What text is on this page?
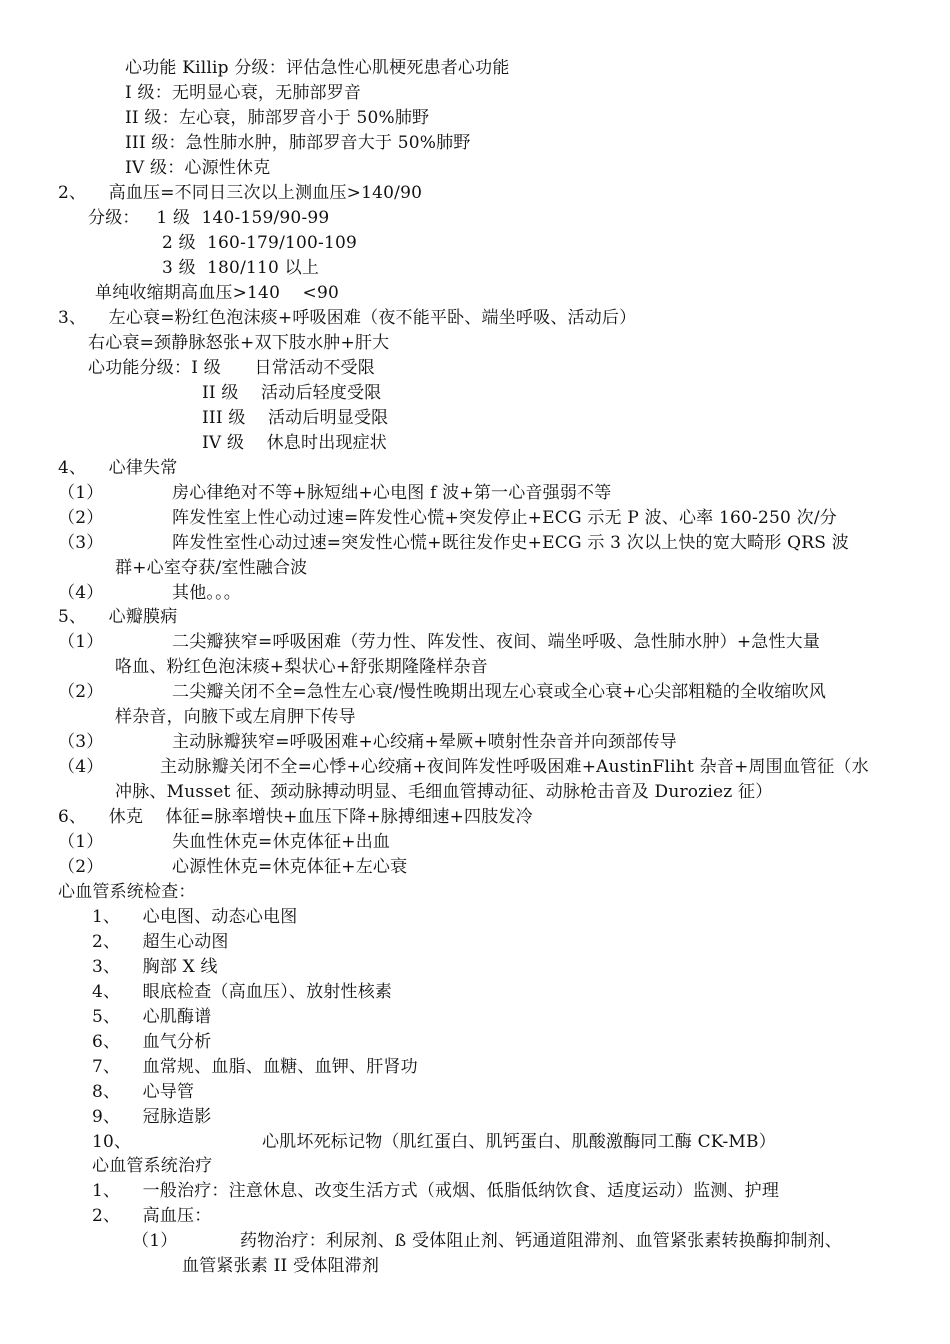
心功能 Killip 分级：评估急性心肌梗死患者心功能
I 级：无明显心衰，无肺部罗音
II 级：左心衰，肺部罗音小于 50%肺野
III 级：急性肺水肿，肺部罗音大于 50%肺野
IV 级：心源性休克
2、    高血压=不同日三次以上测血压>140/90
分级：   1 级  140-159/90-99
2 级  160-179/100-109
3 级  180/110 以上
单纯收缩期高血压>140    <90
3、    左心衰=粉红色泡沫痰+呼吸困难（夜不能平卧、端坐呼吸、活动后）
右心衰=颈静脉怒张+双下肢水肿+肝大
心功能分级：I 级      日常活动不受限
II 级    活动后轻度受限
III 级    活动后明显受限
IV 级    休息时出现症状
4、    心律失常
（1）	房心律绝对不等+脉短绌+心电图 f 波+第一心音强弱不等
（2）	阵发性室上性心动过速=阵发性心慌+突发停止+ECG 示无 P 波、心率 160-250 次/分
（3）	阵发性室性心动过速=突发性心慌+既往发作史+ECG 示 3 次以上快的宽大畸形 QRS 波
群+心室夺获/室性融合波
（4）	其他。。。
5、    心瓣膜病
（1）	二尖瓣狭窄=呼吸困难（劳力性、阵发性、夜间、端坐呼吸、急性肺水肿）+急性大量
咯血、粉红色泡沫痰+梨状心+舒张期隆隆样杂音
（2）	二尖瓣关闭不全=急性左心衰/慢性晚期出现左心衰或全心衰+心尖部粗糙的全收缩吹风
样杂音，向腋下或左肩胛下传导
（3）	主动脉瓣狭窄=呼吸困难+心绞痛+晕厥+喷射性杂音并向颈部传导
（4）	主动脉瓣关闭不全=心悸+心绞痛+夜间阵发性呼吸困难+AustinFliht 杂音+周围血管征（水
冲脉、Musset 征、颈动脉搏动明显、毛细血管搏动征、动脉枪击音及 Duroziez 征）
6、    休克    体征=脉率增快+血压下降+脉搏细速+四肢发冷
（1）	失血性休克=休克体征+出血
（2）	心源性休克=休克体征+左心衰
心血管系统检查：
1、    心电图、动态心电图
2、    超生心动图
3、    胸部 X 线
4、    眼底检查（高血压）、放射性核素
5、    心肌酶谱
6、    血气分析
7、    血常规、血脂、血糖、血钾、肝肾功
8、    心导管
9、    冠脉造影
10、	心肌坏死标记物（肌红蛋白、肌钙蛋白、肌酸激酶同工酶 CK-MB）
心血管系统治疗
1、    一般治疗：注意休息、改变生活方式（戒烟、低脂低纳饮食、适度运动）监测、护理
2、    高血压：
（1）	药物治疗：利尿剂、ß 受体阻止剂、钙通道阻滞剂、血管紧张素转换酶抑制剂、
血管紧张素 II 受体阻滞剂
